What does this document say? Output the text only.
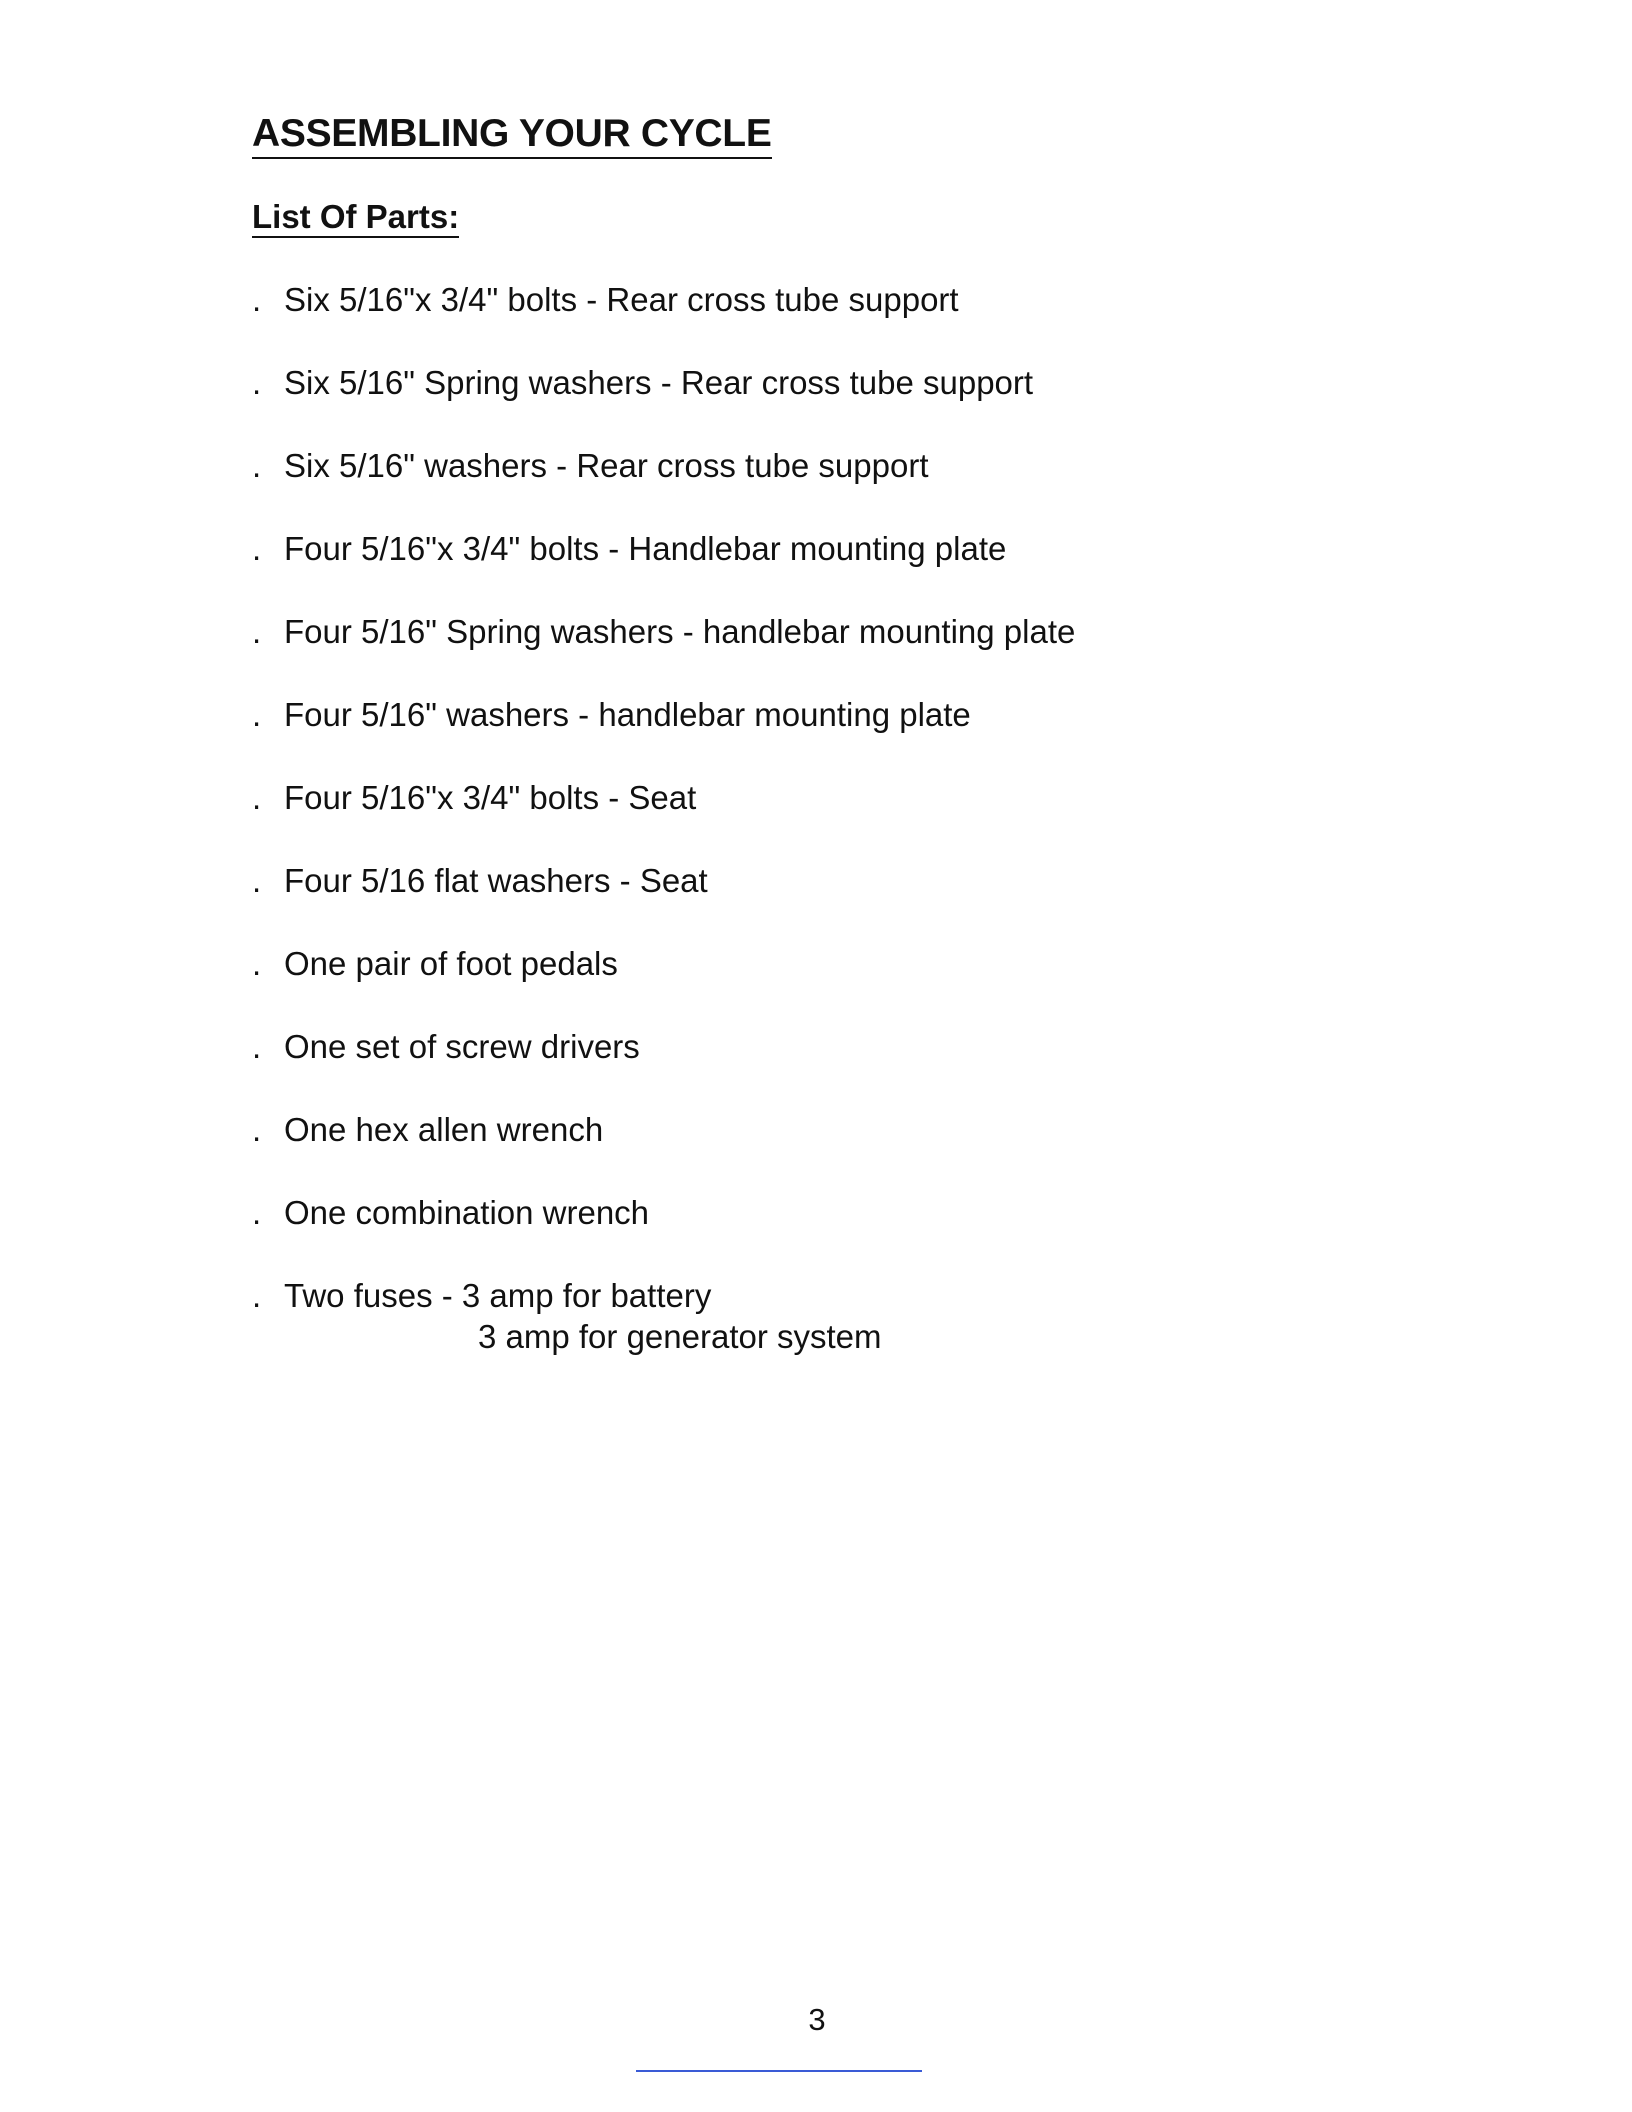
ASSEMBLING YOUR CYCLE
List Of Parts:
. Six 5/16"x 3/4" bolts - Rear cross tube support
. Six 5/16" Spring washers - Rear cross tube support
. Six 5/16" washers - Rear cross tube support
. Four 5/16"x 3/4" bolts - Handlebar mounting plate
. Four 5/16" Spring washers - handlebar mounting plate
. Four 5/16" washers - handlebar mounting plate
. Four 5/16"x 3/4" bolts - Seat
. Four 5/16 flat washers - Seat
. One pair of foot pedals
. One set of screw drivers
. One hex allen wrench
. One combination wrench
. Two fuses - 3 amp for battery
3 amp for generator system
3
